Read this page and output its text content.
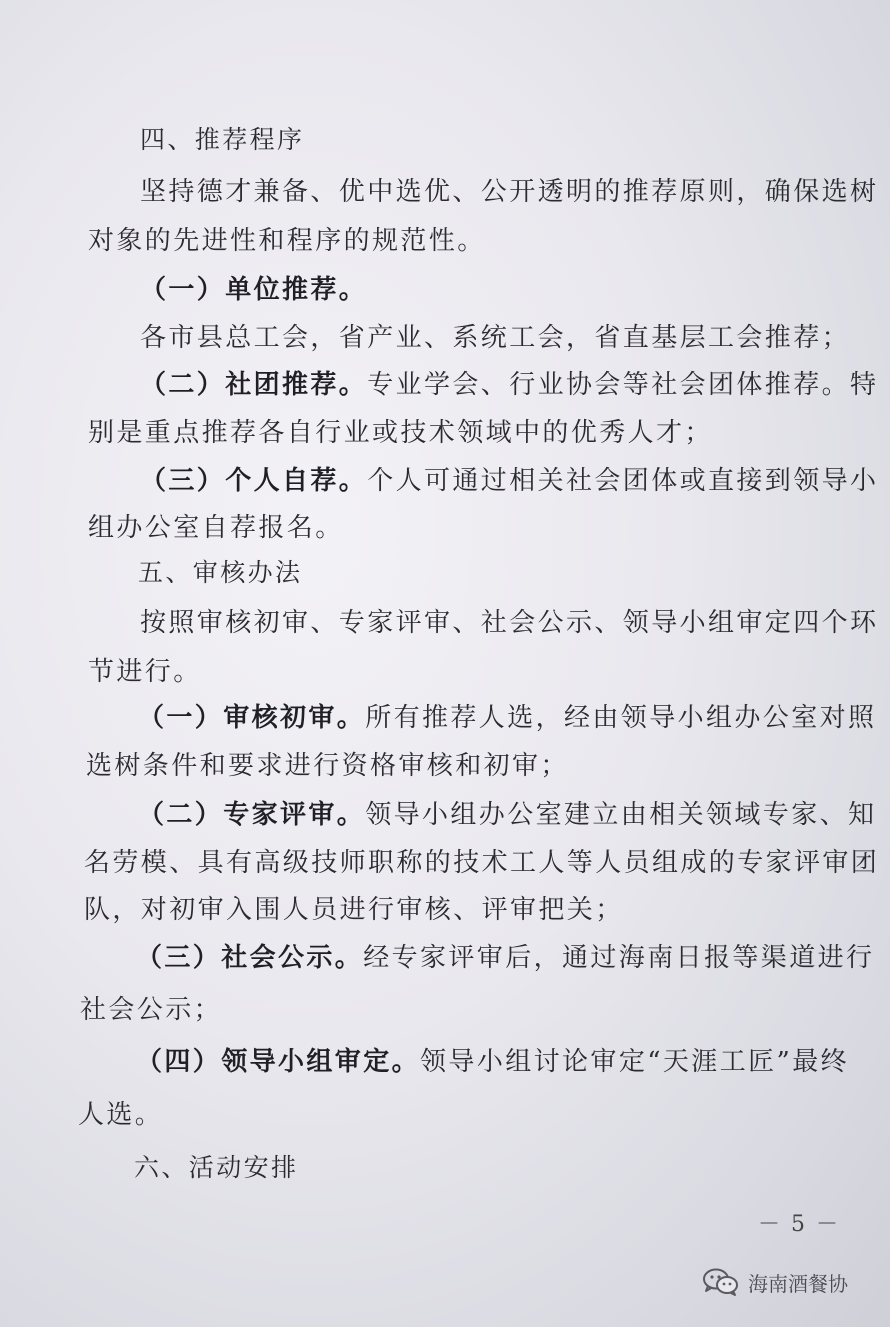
四、推荐程序
坚持德才兼备、优中选优、公开透明的推荐原则，确保选树
对象的先进性和程序的规范性。
（一）单位推荐。
各市县总工会，省产业、系统工会，省直基层工会推荐；
（二）社团推荐。专业学会、行业协会等社会团体推荐。特
别是重点推荐各自行业或技术领域中的优秀人才；
（三）个人自荐。个人可通过相关社会团体或直接到领导小
组办公室自荐报名。
五、审核办法
按照审核初审、专家评审、社会公示、领导小组审定四个环
节进行。
（一）审核初审。所有推荐人选，经由领导小组办公室对照
选树条件和要求进行资格审核和初审；
（二）专家评审。领导小组办公室建立由相关领域专家、知
名劳模、具有高级技师职称的技术工人等人员组成的专家评审团
队，对初审入围人员进行审核、评审把关；
（三）社会公示。经专家评审后，通过海南日报等渠道进行
社会公示；
（四）领导小组审定。领导小组讨论审定“天涯工匠”最终
人选。
六、活动安排
－ 5 －
海南酒餐协
